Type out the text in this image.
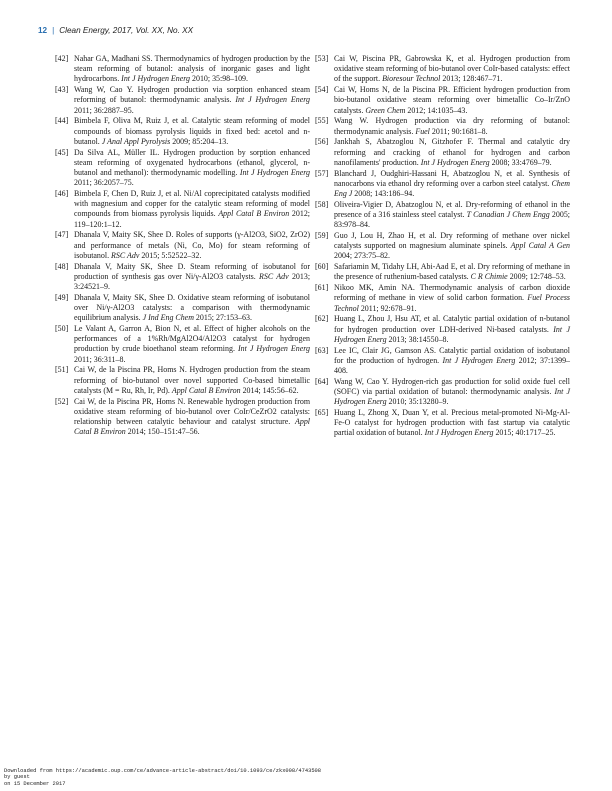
12 | Clean Energy, 2017, Vol. XX, No. XX
[42] Nahar GA, Madhani SS. Thermodynamics of hydrogen production by the steam reforming of butanol: analysis of inorganic gases and light hydrocarbons. Int J Hydrogen Energ 2010; 35:98–109.
[43] Wang W, Cao Y. Hydrogen production via sorption enhanced steam reforming of butanol: thermodynamic analysis. Int J Hydrogen Energ 2011; 36:2887–95.
[44] Bimbela F, Oliva M, Ruiz J, et al. Catalytic steam reforming of model compounds of biomass pyrolysis liquids in fixed bed: acetol and n-butanol. J Anal Appl Pyrolysis 2009; 85:204–13.
[45] Da Silva AL, Müller IL. Hydrogen production by sorption enhanced steam reforming of oxygenated hydrocarbons (ethanol, glycerol, n-butanol and methanol): thermodynamic modelling. Int J Hydrogen Energ 2011; 36:2057–75.
[46] Bimbela F, Chen D, Ruiz J, et al. Ni/Al coprecipitated catalysts modified with magnesium and copper for the catalytic steam reforming of model compounds from biomass pyrolysis liquids. Appl Catal B Environ 2012; 119–120:1–12.
[47] Dhanala V, Maity SK, Shee D. Roles of supports (γ-Al2O3, SiO2, ZrO2) and performance of metals (Ni, Co, Mo) for steam reforming of isobutanol. RSC Adv 2015; 5:52522–32.
[48] Dhanala V, Maity SK, Shee D. Steam reforming of isobutanol for production of synthesis gas over Ni/γ-Al2O3 catalysts. RSC Adv 2013; 3:24521–9.
[49] Dhanala V, Maity SK, Shee D. Oxidative steam reforming of isobutanol over Ni/γ-Al2O3 catalysts: a comparison with thermodynamic equilibrium analysis. J Ind Eng Chem 2015; 27:153–63.
[50] Le Valant A, Garron A, Bion N, et al. Effect of higher alcohols on the performances of a 1%Rh/MgAl2O4/Al2O3 catalyst for hydrogen production by crude bioethanol steam reforming. Int J Hydrogen Energ 2011; 36:311–8.
[51] Cai W, de la Piscina PR, Homs N. Hydrogen production from the steam reforming of bio-butanol over novel supported Co-based bimetallic catalysts (M = Ru, Rh, Ir, Pd). Appl Catal B Environ 2014; 145:56–62.
[52] Cai W, de la Piscina PR, Homs N. Renewable hydrogen production from oxidative steam reforming of bio-butanol over CoIr/CeZrO2 catalysts: relationship between catalytic behaviour and catalyst structure. Appl Catal B Environ 2014; 150–151:47–56.
[53] Cai W, Piscina PR, Gabrowska K, et al. Hydrogen production from oxidative steam reforming of bio-butanol over CoIr-based catalysts: effect of the support. Bioresour Technol 2013; 128:467–71.
[54] Cai W, Homs N, de la Piscina PR. Efficient hydrogen production from bio-butanol oxidative steam reforming over bimetallic Co–Ir/ZnO catalysts. Green Chem 2012; 14:1035–43.
[55] Wang W. Hydrogen production via dry reforming of butanol: thermodynamic analysis. Fuel 2011; 90:1681–8.
[56] Jankhah S, Abatzoglou N, Gitzhofer F. Thermal and catalytic dry reforming and cracking of ethanol for hydrogen and carbon nanofilaments' production. Int J Hydrogen Energ 2008; 33:4769–79.
[57] Blanchard J, Oudghiri-Hassani H, Abatzoglou N, et al. Synthesis of nanocarbons via ethanol dry reforming over a carbon steel catalyst. Chem Eng J 2008; 143:186–94.
[58] Oliveira-Vigier D, Abatzoglou N, et al. Dry-reforming of ethanol in the presence of a 316 stainless steel catalyst. T Canadian J Chem Engg 2005; 83:978–84.
[59] Guo J, Lou H, Zhao H, et al. Dry reforming of methane over nickel catalysts supported on magnesium aluminate spinels. Appl Catal A Gen 2004; 273:75–82.
[60] Safariamin M, Tidahy LH, Abi-Aad E, et al. Dry reforming of methane in the presence of ruthenium-based catalysts. C R Chimie 2009; 12:748–53.
[61] Nikoo MK, Amin NA. Thermodynamic analysis of carbon dioxide reforming of methane in view of solid carbon formation. Fuel Process Technol 2011; 92:678–91.
[62] Huang L, Zhou J, Hsu AT, et al. Catalytic partial oxidation of n-butanol for hydrogen production over LDH-derived Ni-based catalysts. Int J Hydrogen Energ 2013; 38:14550–8.
[63] Lee IC, Clair JG, Gamson AS. Catalytic partial oxidation of isobutanol for the production of hydrogen. Int J Hydrogen Energ 2012; 37:1399–408.
[64] Wang W, Cao Y. Hydrogen-rich gas production for solid oxide fuel cell (SOFC) via partial oxidation of butanol: thermodynamic analysis. Int J Hydrogen Energ 2010; 35:13280–9.
[65] Huang L, Zhong X, Duan Y, et al. Precious metal-promoted Ni-Mg-Al-Fe-O catalyst for hydrogen production with fast startup via catalytic partial oxidation of butanol. Int J Hydrogen Energ 2015; 40:1717–25.
Downloaded from https://academic.oup.com/ce/advance-article-abstract/doi/10.1093/ce/zkx008/4743508
by guest
on 15 December 2017
